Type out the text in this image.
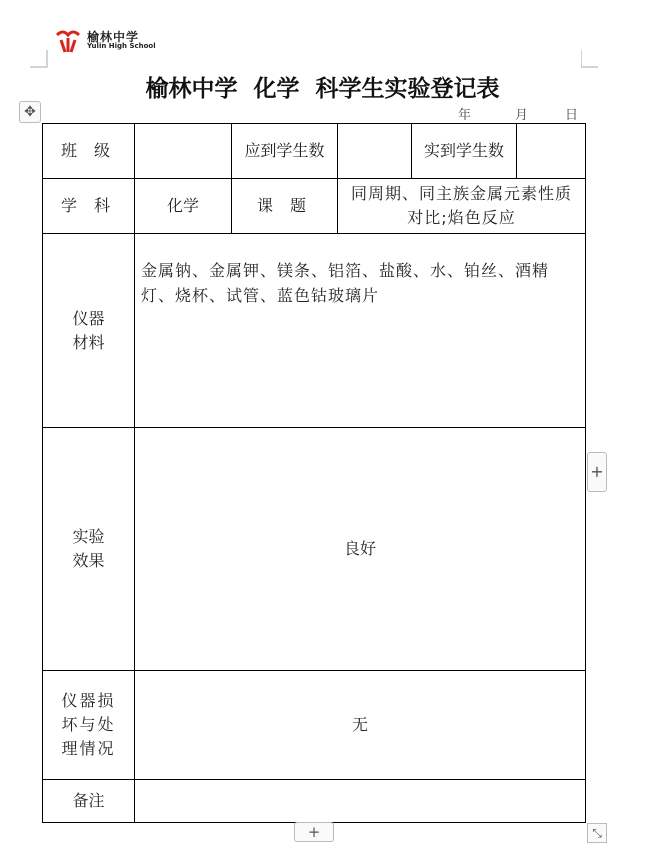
榆林中学
Yulin High School
榆林中学  化学  科学生实验登记表
✥	年	月	日
班 级		应到学生数		实到学生数	
学 科	化学	课 题	同周期、同主族金属元素性质对比;焰色反应		
仪器材料	金属钠、金属钾、镁条、铝箔、盐酸、水、铂丝、酒精灯、烧杯、试管、蓝色钴玻璃片				
实验效果	良好				
仪器损坏与处理情况	无				
备注					
+
+	⤡
